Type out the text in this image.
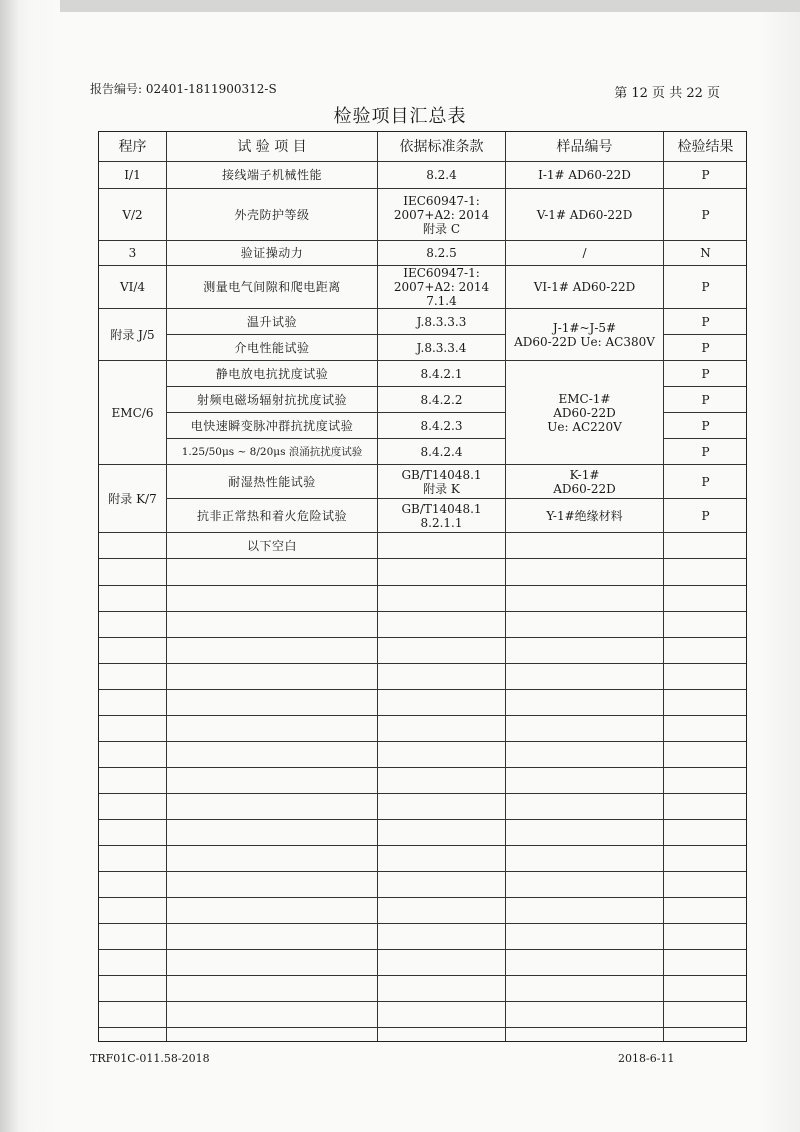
报告编号: 02401-1811900312-S	第 12 页 共 22 页
检验项目汇总表
程序	试 验 项 目	依据标准条款	样品编号	检验结果
I/1	接线端子机械性能	8.2.4	I-1# AD60-22D	P
V/2	外壳防护等级	IEC60947-1:
2007+A2: 2014
附录 C	V-1# AD60-22D	P
3	验证操动力	8.2.5	/	N
VI/4	测量电气间隙和爬电距离	IEC60947-1:
2007+A2: 2014 7.1.4	VI-1# AD60-22D	P
附录 J/5	温升试验	J.8.3.3.3	J-1#~J-5#
AD60-22D Ue: AC380V	P
	介电性能试验	J.8.3.3.4		P
EMC/6	静电放电抗扰度试验	8.4.2.1	EMC-1#
AD60-22D
Ue: AC220V	P
	射频电磁场辐射抗扰度试验	8.4.2.2		P
	电快速瞬变脉冲群抗扰度试验	8.4.2.3		P
	1.25/50μs ~ 8/20μs 浪涌抗扰度试验	8.4.2.4		P
附录 K/7	耐湿热性能试验	GB/T14048.1
附录 K	K-1#
AD60-22D	P
	抗非正常热和着火危险试验	GB/T14048.1
8.2.1.1	Y-1#绝缘材料	P
	以下空白			
TRF01C-011.58-2018	2018-6-11
